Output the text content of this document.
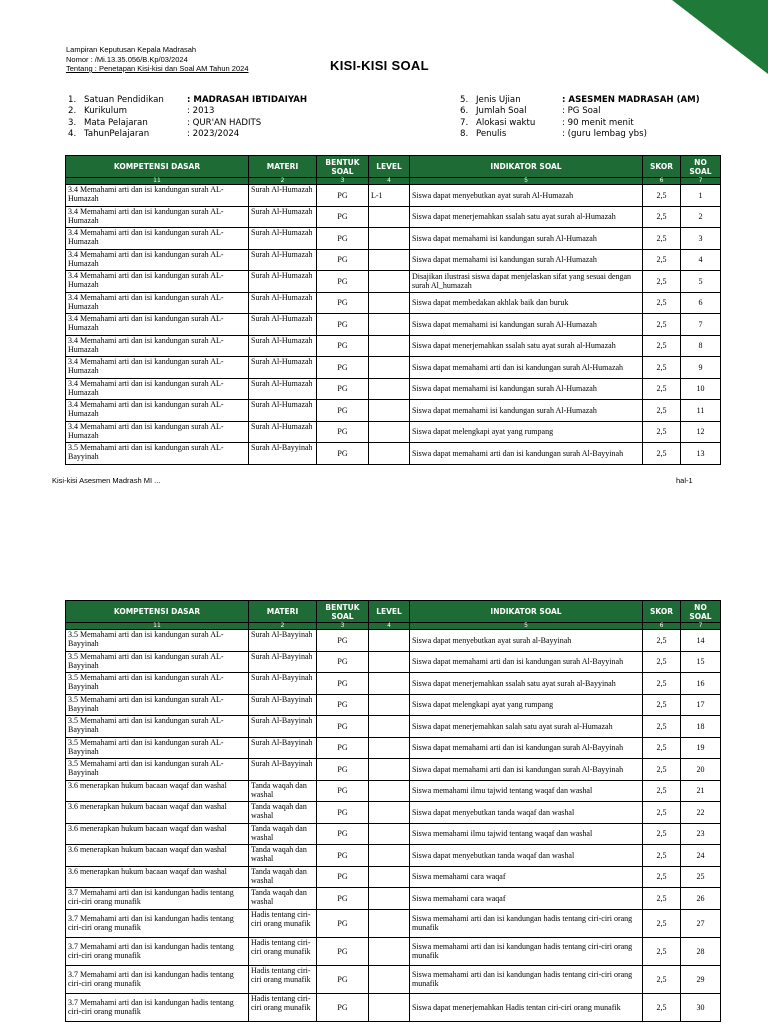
Lampiran Keputusan Kepala Madrasah
Nomor : /Mi.13.35.056/B.Kp/03/2024
Tentang : Penetapan Kisi-kisi dan Soal AM Tahun 2024	KISI-KISI SOAL
1. Satuan Pendidikan	: MADRASAH IBTIDAIYAH
2. Kurikulum	: 2013
3. Mata Pelajaran	: QUR'AN HADITS
4. TahunPelajaran	: 2023/2024
5. Jenis Ujian	: ASESMEN MADRASAH (AM)
6. Jumlah Soal	: PG Soal
7. Alokasi waktu	: 90 menit menit
8. Penulis	: (guru lembag ybs)
KOMPETENSI DASAR	MATERI	BENTUK SOAL	LEVEL	INDIKATOR SOAL	SKOR	NO SOAL
11	2	3	4	5	6	7
3.4 Memahami arti dan isi kandungan surah AL-Humazah	Surah Al-Humazah	PG	L-1	Siswa dapat menyebutkan ayat surah Al-Humazah	2,5	1
3.4 Memahami arti dan isi kandungan surah AL-Humazah	Surah Al-Humazah	PG		Siswa dapat menerjemahkan ssalah satu ayat surah al-Humazah	2,5	2
3.4 Memahami arti dan isi kandungan surah AL-Humazah	Surah Al-Humazah	PG		Siswa dapat memahami isi kandungan surah Al-Humazah	2,5	3
3.4 Memahami arti dan isi kandungan surah AL-Humazah	Surah Al-Humazah	PG		Siswa dapat memahami isi kandungan surah Al-Humazah	2,5	4
3.4 Memahami arti dan isi kandungan surah AL-Humazah	Surah Al-Humazah	PG		Disajikan ilustrasi siswa dapat menjelaskan sifat yang sesuai dengan surah Al_humazah	2,5	5
3.4 Memahami arti dan isi kandungan surah AL-Humazah	Surah Al-Humazah	PG		Siswa dapat membedakan akhlak baik dan buruk	2,5	6
3.4 Memahami arti dan isi kandungan surah AL-Humazah	Surah Al-Humazah	PG		Siswa dapat memahami isi kandungan surah Al-Humazah	2,5	7
3.4 Memahami arti dan isi kandungan surah AL-Humazah	Surah Al-Humazah	PG		Siswa dapat menerjemahkan ssalah satu ayat surah al-Humazah	2,5	8
3.4 Memahami arti dan isi kandungan surah AL-Humazah	Surah Al-Humazah	PG		Siswa dapat memahami arti dan isi kandungan surah Al-Humazah	2,5	9
3.4 Memahami arti dan isi kandungan surah AL-Humazah	Surah Al-Humazah	PG		Siswa dapat memahami isi kandungan surah Al-Humazah	2,5	10
3.4 Memahami arti dan isi kandungan surah AL-Humazah	Surah Al-Humazah	PG		Siswa dapat memahami isi kandungan surah Al-Humazah	2,5	11
3.4 Memahami arti dan isi kandungan surah AL-Humazah	Surah Al-Humazah	PG		Siswa dapat melengkapi ayat yang rumpang	2,5	12
3.5 Memahami arti dan isi kandungan surah AL-Bayyinah	Surah Al-Bayyinah	PG		Siswa dapat memahami arti dan isi kandungan surah Al-Bayyinah	2,5	13
Kisi-kisi Asesmen Madrash MI ...	hal-1
KOMPETENSI DASAR	MATERI	BENTUK SOAL	LEVEL	INDIKATOR SOAL	SKOR	NO SOAL
11	2	3	4	5	6	7
3.5 Memahami arti dan isi kandungan surah AL-Bayyinah	Surah Al-Bayyinah	PG		Siswa dapat menyebutkan ayat surah al-Bayyinah	2,5	14
3.5 Memahami arti dan isi kandungan surah AL-Bayyinah	Surah Al-Bayyinah	PG		Siswa dapat memahami arti dan isi kandungan surah Al-Bayyinah	2,5	15
3.5 Memahami arti dan isi kandungan surah AL-Bayyinah	Surah Al-Bayyinah	PG		Siswa dapat menerjemahkan ssalah satu ayat surah al-Bayyinah	2,5	16
3.5 Memahami arti dan isi kandungan surah AL-Bayyinah	Surah Al-Bayyinah	PG		Siswa dapat melengkapi ayat yang rumpang	2,5	17
3.5 Memahami arti dan isi kandungan surah AL-Bayyinah	Surah Al-Bayyinah	PG		Siswa dapat menerjemahkan salah satu ayat surah al-Humazah	2,5	18
3.5 Memahami arti dan isi kandungan surah AL-Bayyinah	Surah Al-Bayyinah	PG		Siswa dapat memahami arti dan isi kandungan surah Al-Bayyinah	2,5	19
3.5 Memahami arti dan isi kandungan surah AL-Bayyinah	Surah Al-Bayyinah	PG		Siswa dapat memahami arti dan isi kandungan surah Al-Bayyinah	2,5	20
3.6 menerapkan hukum bacaan waqaf dan washal	Tanda waqah dan washal	PG		Siswa memahami ilmu tajwid tentang waqaf dan washal	2,5	21
3.6 menerapkan hukum bacaan waqaf dan washal	Tanda waqah dan washal	PG		Siswa dapat menyebutkan tanda waqaf dan washal	2,5	22
3.6 menerapkan hukum bacaan waqaf dan washal	Tanda waqah dan washal	PG		Siswa memahami ilmu tajwid tentang waqaf dan washal	2,5	23
3.6 menerapkan hukum bacaan waqaf dan washal	Tanda waqah dan washal	PG		Siswa dapat menyebutkan tanda waqaf dan washal	2,5	24
3.6 menerapkan hukum bacaan waqaf dan washal	Tanda waqah dan washal	PG		Siswa memahami cara waqaf	2,5	25
3.7 Memahami arti dan isi kandungan hadis tentang ciri-ciri orang munafik	Tanda waqah dan washal	PG		Siswa memahami cara waqaf	2,5	26
3.7 Memahami arti dan isi kandungan hadis tentang ciri-ciri orang munafik	Hadis tentang ciri-ciri orang munafik	PG		Siswa memahami arti dan isi kandungan hadis tentang ciri-ciri orang munafik	2,5	27
3.7 Memahami arti dan isi kandungan hadis tentang ciri-ciri orang munafik	Hadis tentang ciri-ciri orang munafik	PG		Siswa memahami arti dan isi kandungan hadis tentang ciri-ciri orang munafik	2,5	28
3.7 Memahami arti dan isi kandungan hadis tentang ciri-ciri orang munafik	Hadis tentang ciri-ciri orang munafik	PG		Siswa memahami arti dan isi kandungan hadis tentang ciri-ciri orang munafik	2,5	29
3.7 Memahami arti dan isi kandungan hadis tentang ciri-ciri orang munafik	Hadis tentang ciri-ciri orang munafik	PG		Siswa dapat menerjemahkan Hadis tentan ciri-ciri orang munafik	2,5	30
